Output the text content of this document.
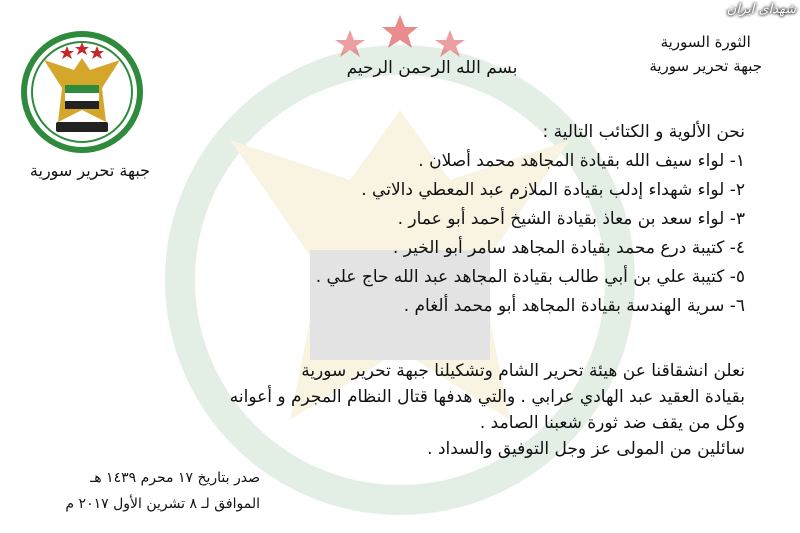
شهدای ایران
الثورة السورية
جبهة تحرير سورية
بسم الله الرحمن الرحيم
جبهة تحرير سورية
نحن الألوية و الكتائب التالية :
١- لواء سيف الله بقيادة المجاهد محمد أصلان .
٢- لواء شهداء إدلب بقيادة الملازم عبد المعطي دالاتي .
٣- لواء سعد بن معاذ بقيادة الشيخ أحمد أبو عمار .
٤- كتيبة درع محمد بقيادة المجاهد سامر أبو الخير .
٥- كتيبة علي بن أبي طالب بقيادة المجاهد عبد الله حاج علي .
٦- سرية الهندسة بقيادة المجاهد أبو محمد ألغام .
نعلن انشقاقنا عن هيئة تحرير الشام وتشكيلنا جبهة تحرير سورية
بقيادة العقيد عبد الهادي عرابي . والتي هدفها قتال النظام المجرم و أعوانه
وكل من يقف ضد ثورة شعبنا الصامد .
سائلين من المولى عز وجل التوفيق والسداد .
صدر بتاريخ ١٧ محرم ١٤٣٩ هـ
الموافق لـ ٨ تشرين الأول ٢٠١٧ م
